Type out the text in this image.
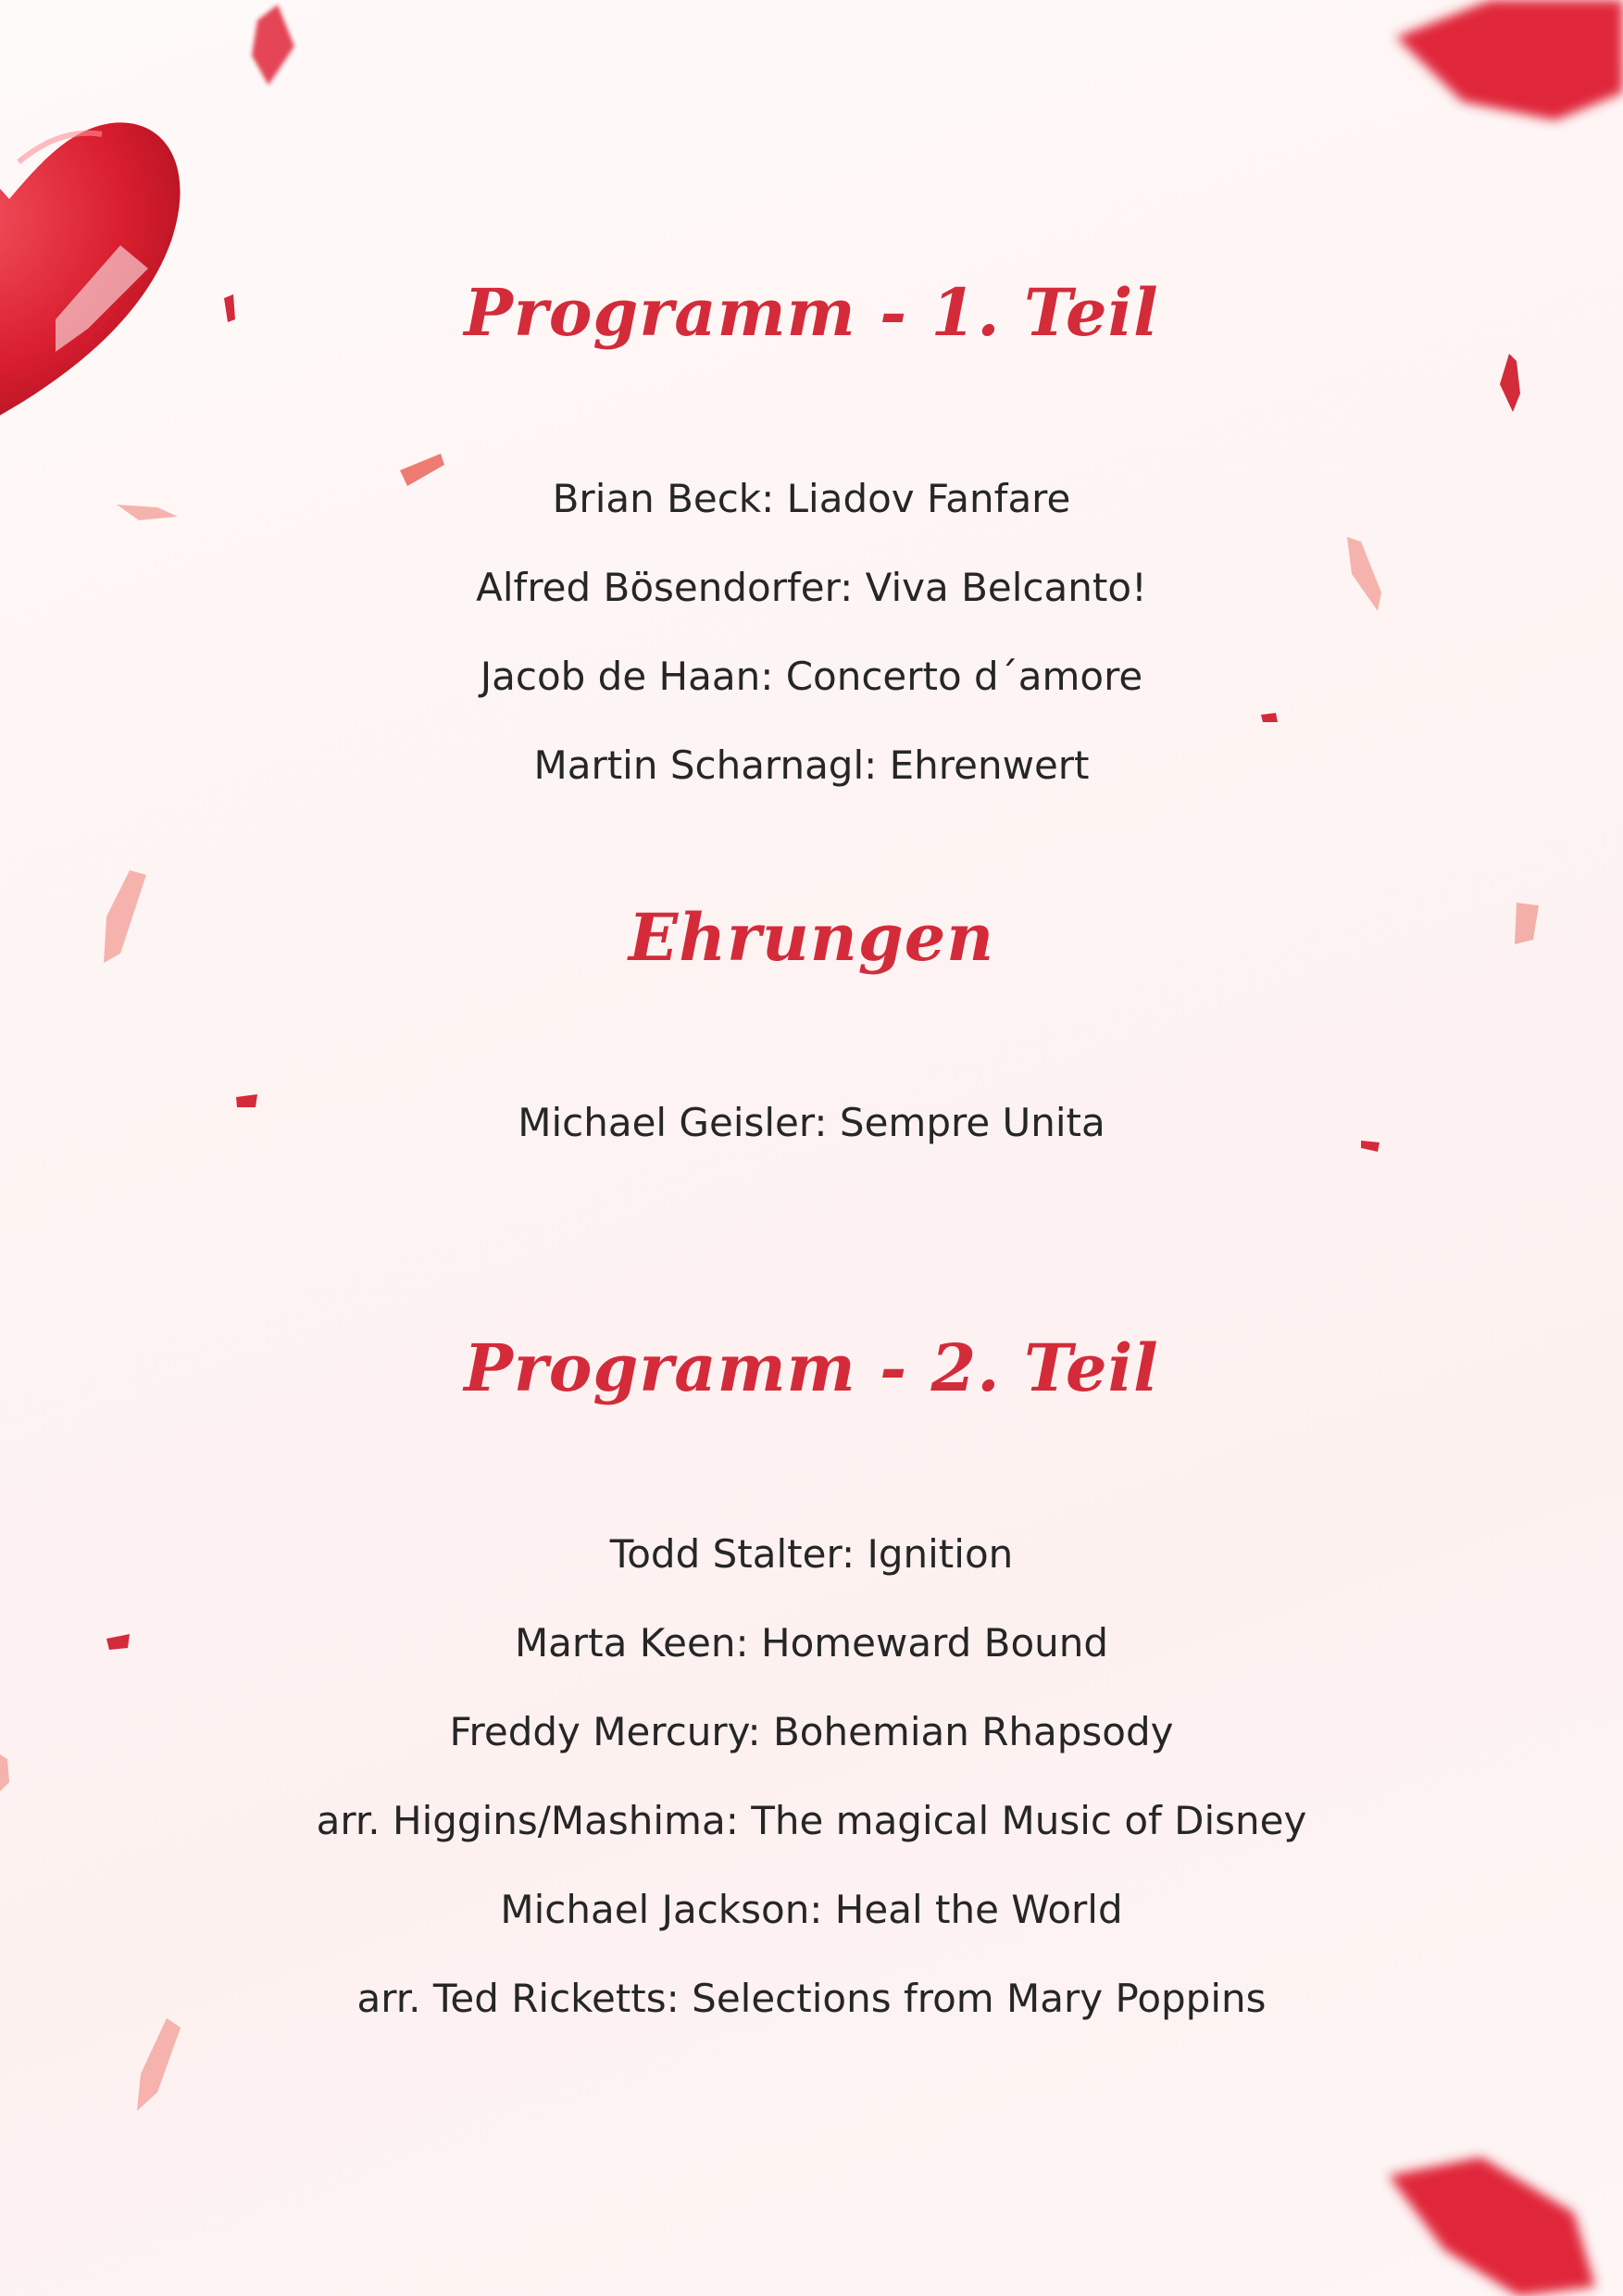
Programm - 1. Teil

Brian Beck: Liadov Fanfare

Alfred Bösendorfer: Viva Belcanto!

Jacob de Haan: Concerto d´amore

Martin Scharnagl: Ehrenwert

Ehrungen

Michael Geisler: Sempre Unita

Programm - 2. Teil

Todd Stalter: Ignition

Marta Keen: Homeward Bound

Freddy Mercury: Bohemian Rhapsody

arr. Higgins/Mashima: The magical Music of Disney

Michael Jackson: Heal the World

arr. Ted Ricketts: Selections from Mary Poppins
